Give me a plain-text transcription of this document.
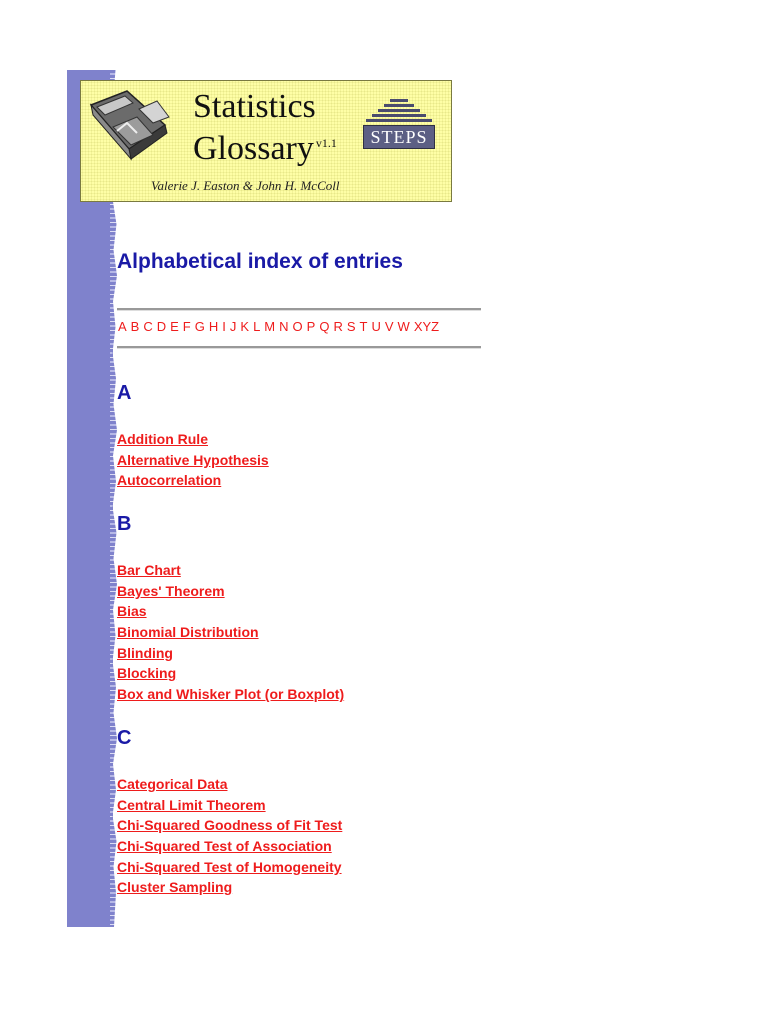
Statistics
Glossary $^{v1.1}$	STEPS
Valerie J. Easton & John H. McColl
Alphabetical index of entries
A B C D E F G H I J K L M N O P Q R S T U V W XYZ
A
Addition Rule
Alternative Hypothesis
Autocorrelation
B
Bar Chart
Bayes' Theorem
Bias
Binomial Distribution
Blinding
Blocking
Box and Whisker Plot (or Boxplot)
C
Categorical Data
Central Limit Theorem
Chi-Squared Goodness of Fit Test
Chi-Squared Test of Association
Chi-Squared Test of Homogeneity
Cluster Sampling
